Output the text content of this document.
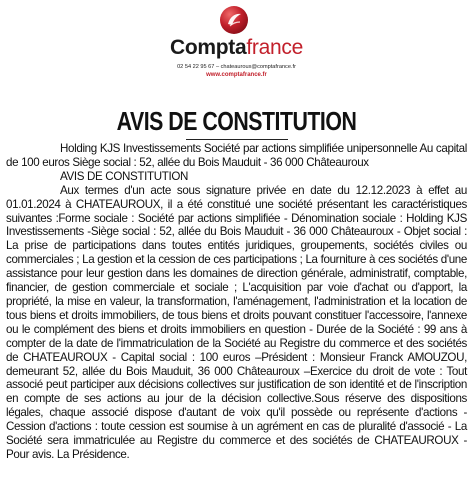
Comptafrance
02 54 22 95 67 – chateauroux@comptafrance.fr
www.comptafrance.fr
AVIS DE CONSTITUTION

Holding KJS Investissements Société par actions simplifiée unipersonnelle Au capital de 100 euros Siège social : 52, allée du Bois Mauduit - 36 000 Châteauroux

AVIS DE CONSTITUTION

Aux termes d'un acte sous signature privée en date du 12.12.2023 à effet au 01.01.2024 à CHATEAUROUX, il a été constitué une société présentant les caractéristiques suivantes :Forme sociale : Société par actions simplifiée - Dénomination sociale : Holding KJS Investissements -Siège social : 52, allée du Bois Mauduit - 36 000 Châteauroux - Objet social : La prise de participations dans toutes entités juridiques, groupements, sociétés civiles ou commerciales ; La gestion et la cession de ces participations ; La fourniture à ces sociétés d'une assistance pour leur gestion dans les domaines de direction générale, administratif, comptable, financier, de gestion commerciale et sociale ; L'acquisition par voie d'achat ou d'apport, la propriété, la mise en valeur, la transformation, l'aménagement, l'administration et la location de tous biens et droits immobiliers, de tous biens et droits pouvant constituer l'accessoire, l'annexe ou le complément des biens et droits immobiliers en question - Durée de la Société : 99 ans à compter de la date de l'immatriculation de la Société au Registre du commerce et des sociétés de CHATEAUROUX - Capital social : 100 euros –Président : Monsieur Franck AMOUZOU, demeurant 52, allée du Bois Mauduit, 36 000 Châteauroux –Exercice du droit de vote : Tout associé peut participer aux décisions collectives sur justification de son identité et de l'inscription en compte de ses actions au jour de la décision collective.Sous réserve des dispositions légales, chaque associé dispose d'autant de voix qu'il possède ou représente d'actions - Cession d'actions : toute cession est soumise à un agrément en cas de pluralité d'associé - La Société sera immatriculée au Registre du commerce et des sociétés de CHATEAUROUX - Pour avis. La Présidence.
